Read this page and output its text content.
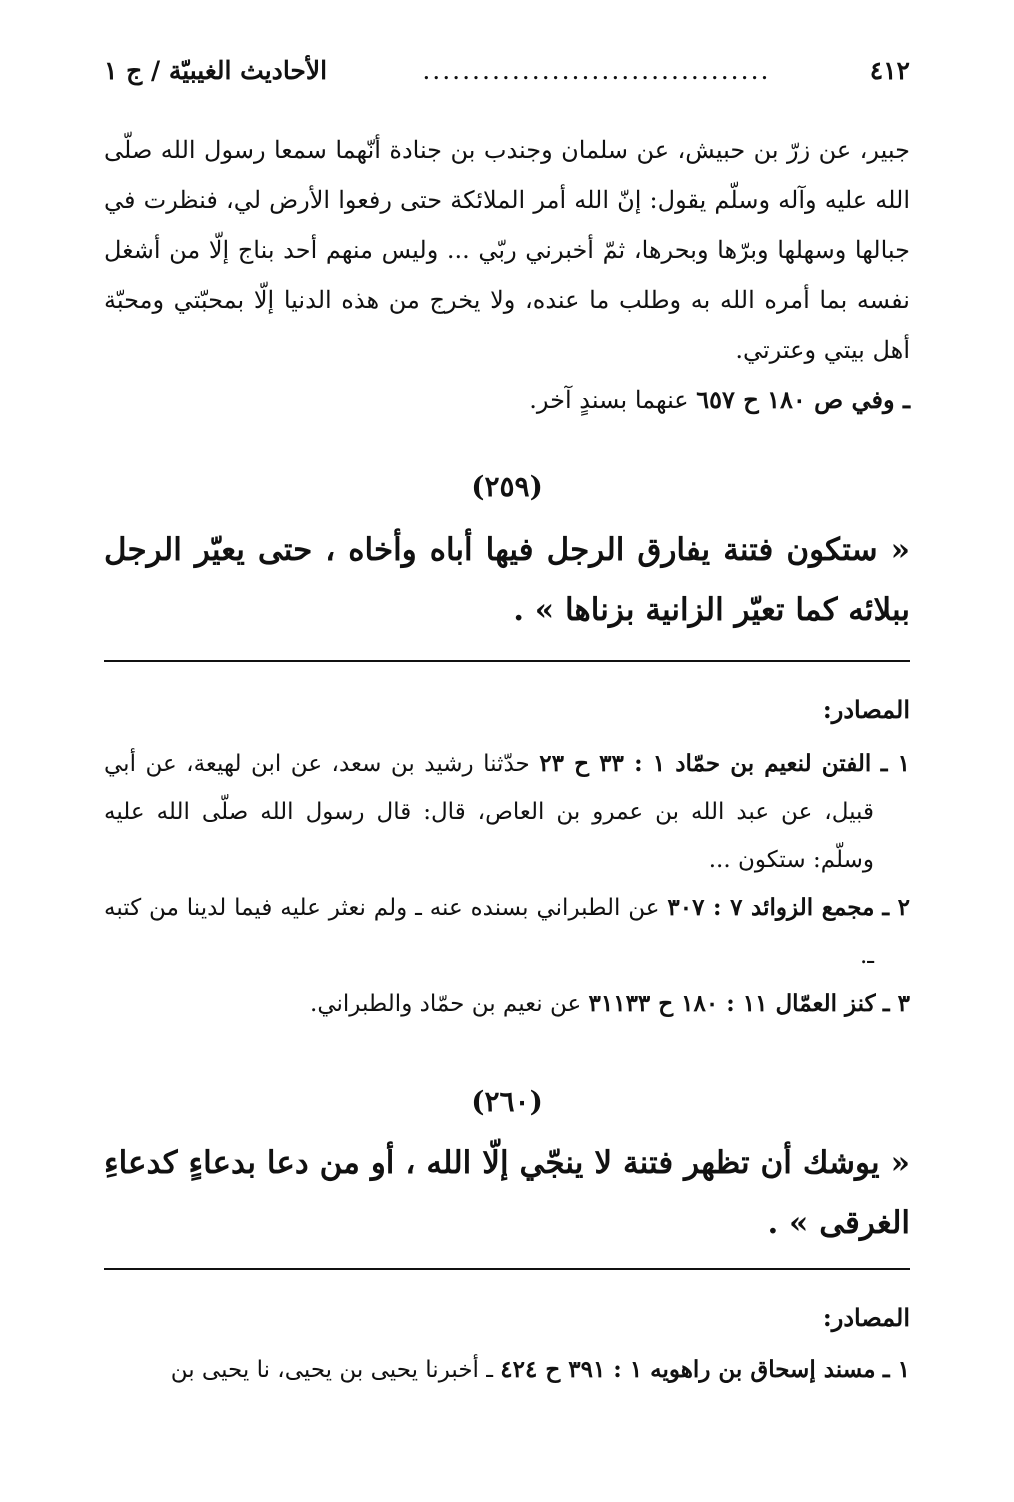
٤١٢
...................................
الأحاديث الغيبيّة / ج ١

جبير، عن زرّ بن حبيش، عن سلمان وجندب بن جنادة أنّهما سمعا رسول الله صلّى الله عليه وآله وسلّم يقول: إنّ الله أمر الملائكة حتى رفعوا الأرض لي، فنظرت في جبالها وسهلها وبرّها وبحرها، ثمّ أخبرني ربّي ... وليس منهم أحد بناج إلّا من أشغل نفسه بما أمره الله به وطلب ما عنده، ولا يخرج من هذه الدنيا إلّا بمحبّتي ومحبّة أهل بيتي وعترتي.

ـ وفي ص ١٨٠ ح ٦٥٧ عنهما بسندٍ آخر.

(٢٥٩)

« ستكون فتنة يفارق الرجل فيها أباه وأخاه ، حتى يعيّر الرجل ببلائه كما تعيّر الزانية بزناها » .

المصادر:
١ ـ الفتن لنعيم بن حمّاد ١ : ٣٣ ح ٢٣ حدّثنا رشيد بن سعد، عن ابن لهيعة، عن أبي قبيل، عن عبد الله بن عمرو بن العاص، قال: قال رسول الله صلّى الله عليه وسلّم: ستكون ...
٢ ـ مجمع الزوائد ٧ : ٣٠٧ عن الطبراني بسنده عنه ـ ولم نعثر عليه فيما لدينا من كتبه ـ.
٣ ـ كنز العمّال ١١ : ١٨٠ ح ٣١١٣٣ عن نعيم بن حمّاد والطبراني.
(٢٦٠)

« يوشك أن تظهر فتنة لا ينجّي إلّا الله ، أو من دعا بدعاءٍ كدعاءِ الغرقى » .

المصادر:
١ ـ مسند إسحاق بن راهويه ١ : ٣٩١ ح ٤٢٤ ـ أخبرنا يحيى بن يحيى، نا يحيى بن
